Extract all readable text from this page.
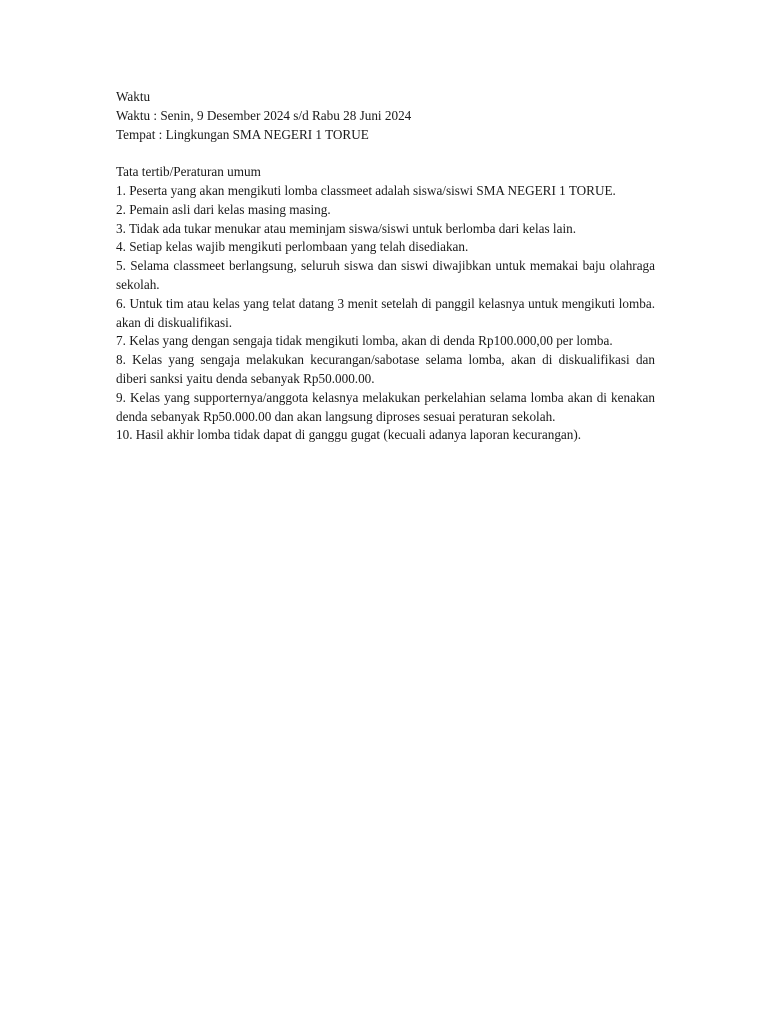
Waktu

Waktu : Senin, 9 Desember 2024 s/d Rabu 28 Juni 2024

Tempat : Lingkungan SMA NEGERI 1 TORUE

Tata tertib/Peraturan umum

1. Peserta yang akan mengikuti lomba classmeet adalah siswa/siswi SMA NEGERI 1 TORUE.

2. Pemain asli dari kelas masing masing.

3. Tidak ada tukar menukar atau meminjam siswa/siswi untuk berlomba dari kelas lain.

4. Setiap kelas wajib mengikuti perlombaan yang telah disediakan.

5. Selama classmeet berlangsung, seluruh siswa dan siswi diwajibkan untuk memakai baju olahraga sekolah.

6. Untuk tim atau kelas yang telat datang 3 menit setelah di panggil kelasnya untuk mengikuti lomba. akan di diskualifikasi.

7. Kelas yang dengan sengaja tidak mengikuti lomba, akan di denda Rp100.000,00 per lomba.

8. Kelas yang sengaja melakukan kecurangan/sabotase selama lomba, akan di diskualifikasi dan diberi sanksi yaitu denda sebanyak Rp50.000.00.

9. Kelas yang supporternya/anggota kelasnya melakukan perkelahian selama lomba akan di kenakan denda sebanyak Rp50.000.00 dan akan langsung diproses sesuai peraturan sekolah.

10. Hasil akhir lomba tidak dapat di ganggu gugat (kecuali adanya laporan kecurangan).
